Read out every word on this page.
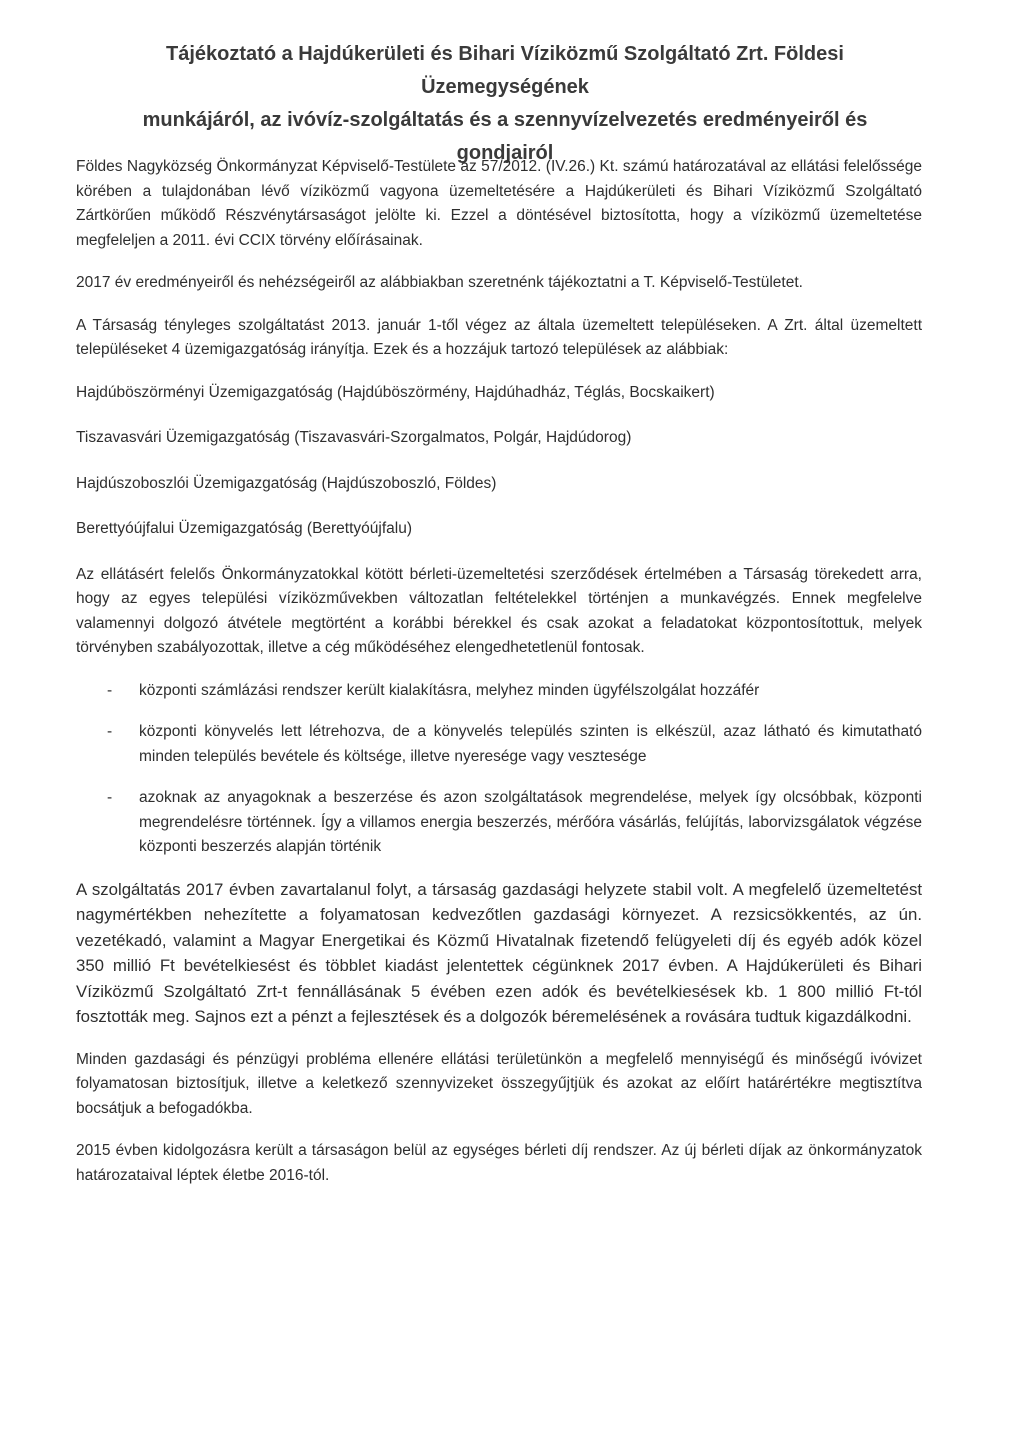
Tájékoztató a Hajdúkerületi és Bihari Víziközmű Szolgáltató Zrt. Földesi Üzemegységének
munkájáról, az ivóvíz-szolgáltatás és a szennyvízelvezetés eredményeiről és gondjairól

Földes Nagyközség Önkormányzat Képviselő-Testülete az 57/2012. (IV.26.) Kt. számú határozatával az ellátási felelőssége körében a tulajdonában lévő víziközmű vagyona üzemeltetésére a Hajdúkerületi és Bihari Víziközmű Szolgáltató Zártkörűen működő Részvénytársaságot jelölte ki. Ezzel a döntésével biztosította, hogy a víziközmű üzemeltetése megfeleljen a 2011. évi CCIX törvény előírásainak.

2017 év eredményeiről és nehézségeiről az alábbiakban szeretnénk tájékoztatni a T. Képviselő-Testületet.

A Társaság tényleges szolgáltatást 2013. január 1-től végez az általa üzemeltett településeken. A Zrt. által üzemeltett településeket 4 üzemigazgatóság irányítja. Ezek és a hozzájuk tartozó települések az alábbiak:

Hajdúböszörményi Üzemigazgatóság (Hajdúböszörmény, Hajdúhadház, Téglás, Bocskaikert)

Tiszavasvári Üzemigazgatóság (Tiszavasvári-Szorgalmatos, Polgár, Hajdúdorog)

Hajdúszoboszlói Üzemigazgatóság (Hajdúszoboszló, Földes)

Berettyóújfalui Üzemigazgatóság (Berettyóújfalu)

Az ellátásért felelős Önkormányzatokkal kötött bérleti-üzemeltetési szerződések értelmében a Társaság törekedett arra, hogy az egyes települési víziközművekben változatlan feltételekkel történjen a munkavégzés. Ennek megfelelve valamennyi dolgozó átvétele megtörtént a korábbi bérekkel és csak azokat a feladatokat központosítottuk, melyek törvényben szabályozottak, illetve a cég működéséhez elengedhetetlenül fontosak.

- központi számlázási rendszer került kialakításra, melyhez minden ügyfélszolgálat hozzáfér
- központi könyvelés lett létrehozva, de a könyvelés település szinten is elkészül, azaz látható és kimutatható minden település bevétele és költsége, illetve nyeresége vagy vesztesége
- azoknak az anyagoknak a beszerzése és azon szolgáltatások megrendelése, melyek így olcsóbbak, központi megrendelésre történnek. Így a villamos energia beszerzés, mérőóra vásárlás, felújítás, laborvizsgálatok végzése központi beszerzés alapján történik

A szolgáltatás 2017 évben zavartalanul folyt, a társaság gazdasági helyzete stabil volt. A megfelelő üzemeltetést nagymértékben nehezítette a folyamatosan kedvezőtlen gazdasági környezet. A rezsicsökkentés, az ún. vezetékadó, valamint a Magyar Energetikai és Közmű Hivatalnak fizetendő felügyeleti díj és egyéb adók közel 350 millió Ft bevételkiesést és többlet kiadást jelentettek cégünknek 2017 évben. A Hajdúkerületi és Bihari Víziközmű Szolgáltató Zrt-t fennállásának 5 évében ezen adók és bevételkiesések kb. 1 800 millió Ft-tól fosztották meg. Sajnos ezt a pénzt a fejlesztések és a dolgozók béremelésének a rovására tudtuk kigazdálkodni.

Minden gazdasági és pénzügyi probléma ellenére ellátási területünkön a megfelelő mennyiségű és minőségű ivóvizet folyamatosan biztosítjuk, illetve a keletkező szennyvizeket összegyűjtjük és azokat az előírt határértékre megtisztítva bocsátjuk a befogadókba.

2015 évben kidolgozásra került a társaságon belül az egységes bérleti díj rendszer. Az új bérleti díjak az önkormányzatok határozataival léptek életbe 2016-tól.
